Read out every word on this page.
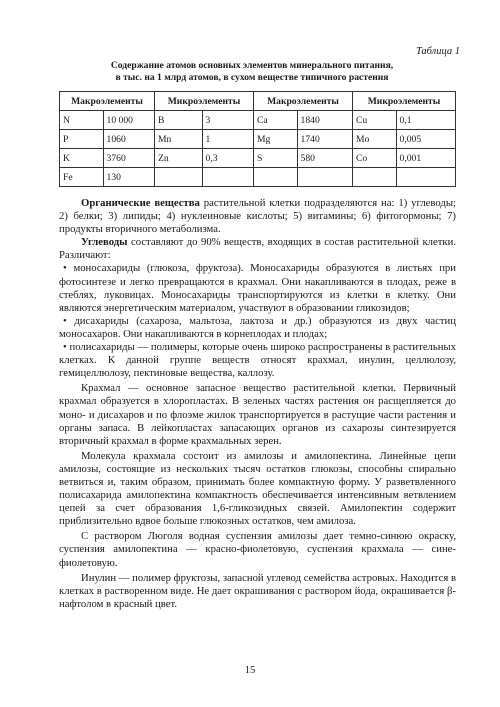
Таблица 1
Содержание атомов основных элементов минерального питания,
в тыс. на 1 млрд атомов, в сухом веществе типичного растения
Макроэлементы		Микроэлементы		Макроэлементы		Микроэлементы	
N	10 000	B	3	Ca	1840	Cu	0,1
P	1060	Mn	1	Mg	1740	Mo	0,005
K	3760	Zn	0,3	S	580	Co	0,001
Fe	130						

Органические вещества растительной клетки подразделяются на: 1) углеводы; 2) белки; 3) липиды; 4) нуклеиновые кислоты; 5) витамины; 6) фитогормоны; 7) продукты вторичного метаболизма.

Углеводы составляют до 90% веществ, входящих в состав растительной клетки. Различают:

• моносахариды (глюкоза, фруктоза). Моносахариды образуются в листьях при фотосинтезе и легко превращаются в крахмал. Они накапливаются в плодах, реже в стеблях, луковицах. Моносахариды транспортируются из клетки в клетку. Они являются энергетическим материалом, участвуют в образовании гликозидов;

• дисахариды (сахароза, мальтоза, лактоза и др.) образуются из двух частиц моносахаров. Они накапливаются в корнеплодах и плодах;

• полисахариды — полимеры, которые очень широко распространены в растительных клетках. К данной группе веществ относят крахмал, инулин, целлюлозу, гемицеллюлозу, пектиновые вещества, каллозу.

Крахмал — основное запасное вещество растительной клетки. Первичный крахмал образуется в хлоропластах. В зеленых частях растения он расщепляется до моно- и дисахаров и по флоэме жилок транспортируется в растущие части растения и органы запаса. В лейкопластах запасающих органов из сахарозы синтезируется вторичный крахмал в форме крахмальных зерен.

Молекула крахмала состоит из амилозы и амилопектина. Линейные цепи амилозы, состоящие из нескольких тысяч остатков глюкозы, способны спирально ветвиться и, таким образом, принимать более компактную форму. У разветвленного полисахарида амилопектина компактность обеспечивается интенсивным ветвлением цепей за счет образования 1,6-гликозидных связей. Амилопектин содержит приблизительно вдвое больше глюкозных остатков, чем амилоза.

С раствором Люголя водная суспензия амилозы дает темно-синюю окраску, суспензия амилопектина — красно-фиолетовую, суспензия крахмала — сине-фиолетовую.

Инулин — полимер фруктозы, запасной углевод семейства астровых. Находится в клетках в растворенном виде. Не дает окрашивания с раствором йода, окрашивается β-нафтолом в красный цвет.

15
